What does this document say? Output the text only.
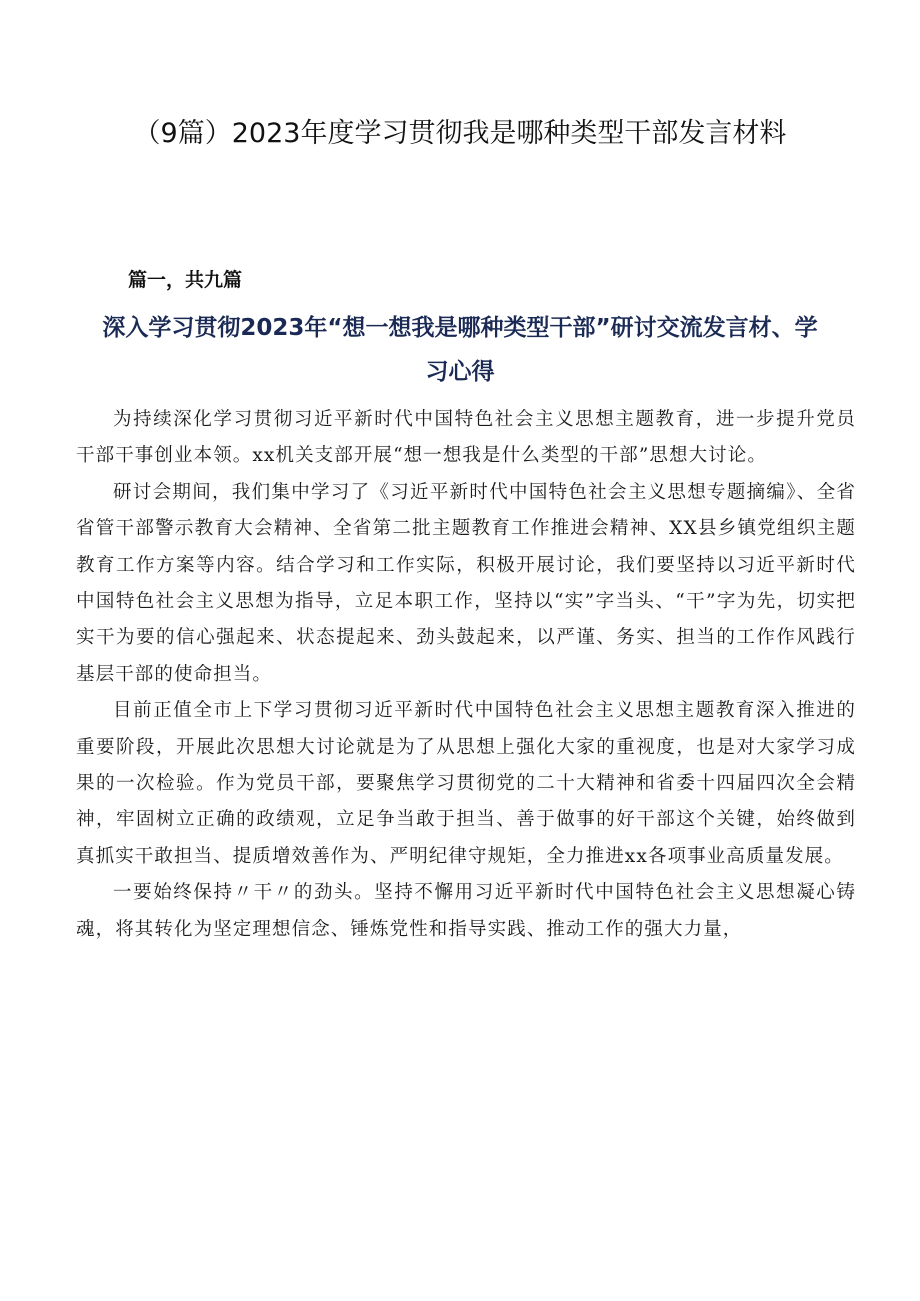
（9篇）2023年度学习贯彻我是哪种类型干部发言材料
篇一，共九篇
深入学习贯彻2023年“想一想我是哪种类型干部”研讨交流发言材、学习心得

为持续深化学习贯彻习近平新时代中国特色社会主义思想主题教育，进一步提升党员干部干事创业本领。xx机关支部开展“想一想我是什么类型的干部”思想大讨论。

研讨会期间，我们集中学习了《习近平新时代中国特色社会主义思想专题摘编》、全省省管干部警示教育大会精神、全省第二批主题教育工作推进会精神、XX县乡镇党组织主题教育工作方案等内容。结合学习和工作实际，积极开展讨论，我们要坚持以习近平新时代中国特色社会主义思想为指导，立足本职工作，坚持以“实”字当头、“干”字为先，切实把实干为要的信心强起来、状态提起来、劲头鼓起来，以严谨、务实、担当的工作作风践行基层干部的使命担当。

目前正值全市上下学习贯彻习近平新时代中国特色社会主义思想主题教育深入推进的重要阶段，开展此次思想大讨论就是为了从思想上强化大家的重视度，也是对大家学习成果的一次检验。作为党员干部，要聚焦学习贯彻党的二十大精神和省委十四届四次全会精神，牢固树立正确的政绩观，立足争当敢于担当、善于做事的好干部这个关键，始终做到真抓实干敢担当、提质增效善作为、严明纪律守规矩，全力推进xx各项事业高质量发展。

一要始终保持〃干〃的劲头。坚持不懈用习近平新时代中国特色社会主义思想凝心铸魂，将其转化为坚定理想信念、锤炼党性和指导实践、推动工作的强大力量，
